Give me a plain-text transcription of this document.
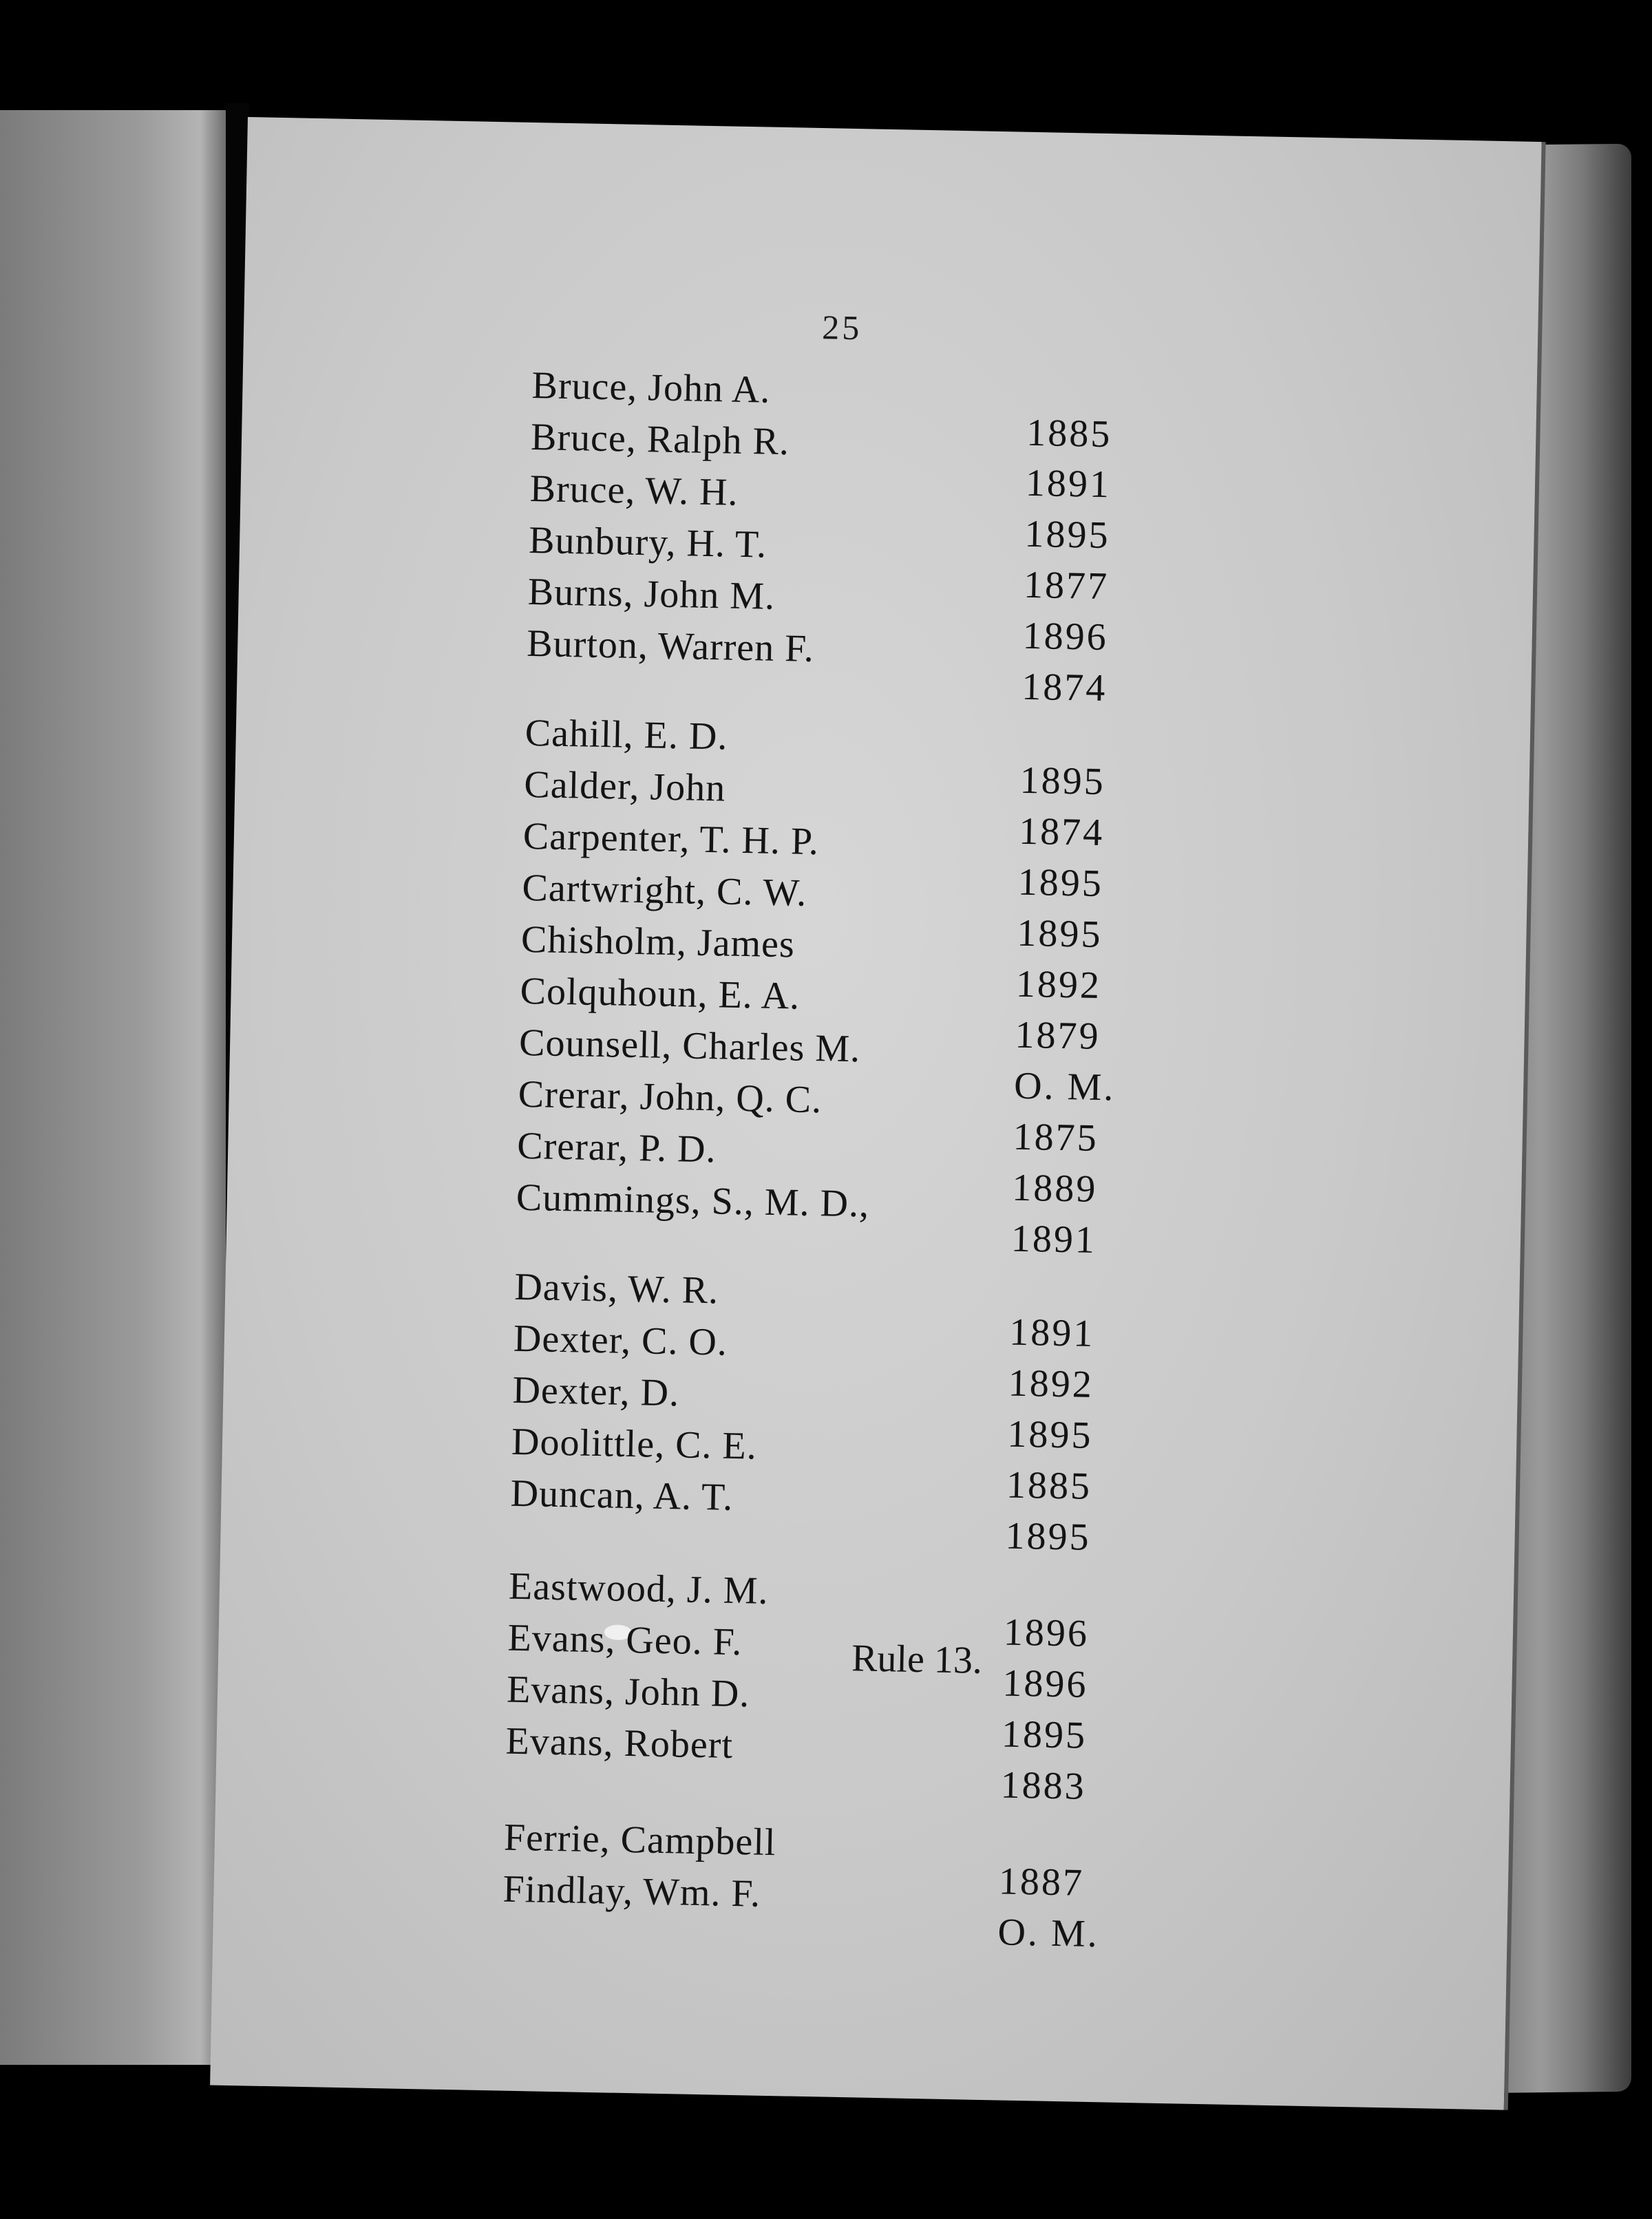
25
Bruce, John A.
1885
Bruce, Ralph R.
1891
Bruce, W. H.
1895
Bunbury, H. T.
1877
Burns, John M.
1896
Burton, Warren F.
1874
Cahill, E. D.
1895
Calder, John
1874
Carpenter, T. H. P.
1895
Cartwright, C. W.
1895
Chisholm, James
1892
Colquhoun, E. A.
1879
Counsell, Charles M.
O. M.
Crerar, John, Q. C.
1875
Crerar, P. D.
1889
Cummings, S., M. D.,
1891
Davis, W. R.
1891
Dexter, C. O.
1892
Dexter, D.
1895
Doolittle, C. E.
1885
Duncan, A. T.
1895
Eastwood, J. M.
1896
Evans, Geo. F.	Rule 13.
1896
Evans, John D.
1895
Evans, Robert
1883
Ferrie, Campbell
1887
Findlay, Wm. F.
O. M.
